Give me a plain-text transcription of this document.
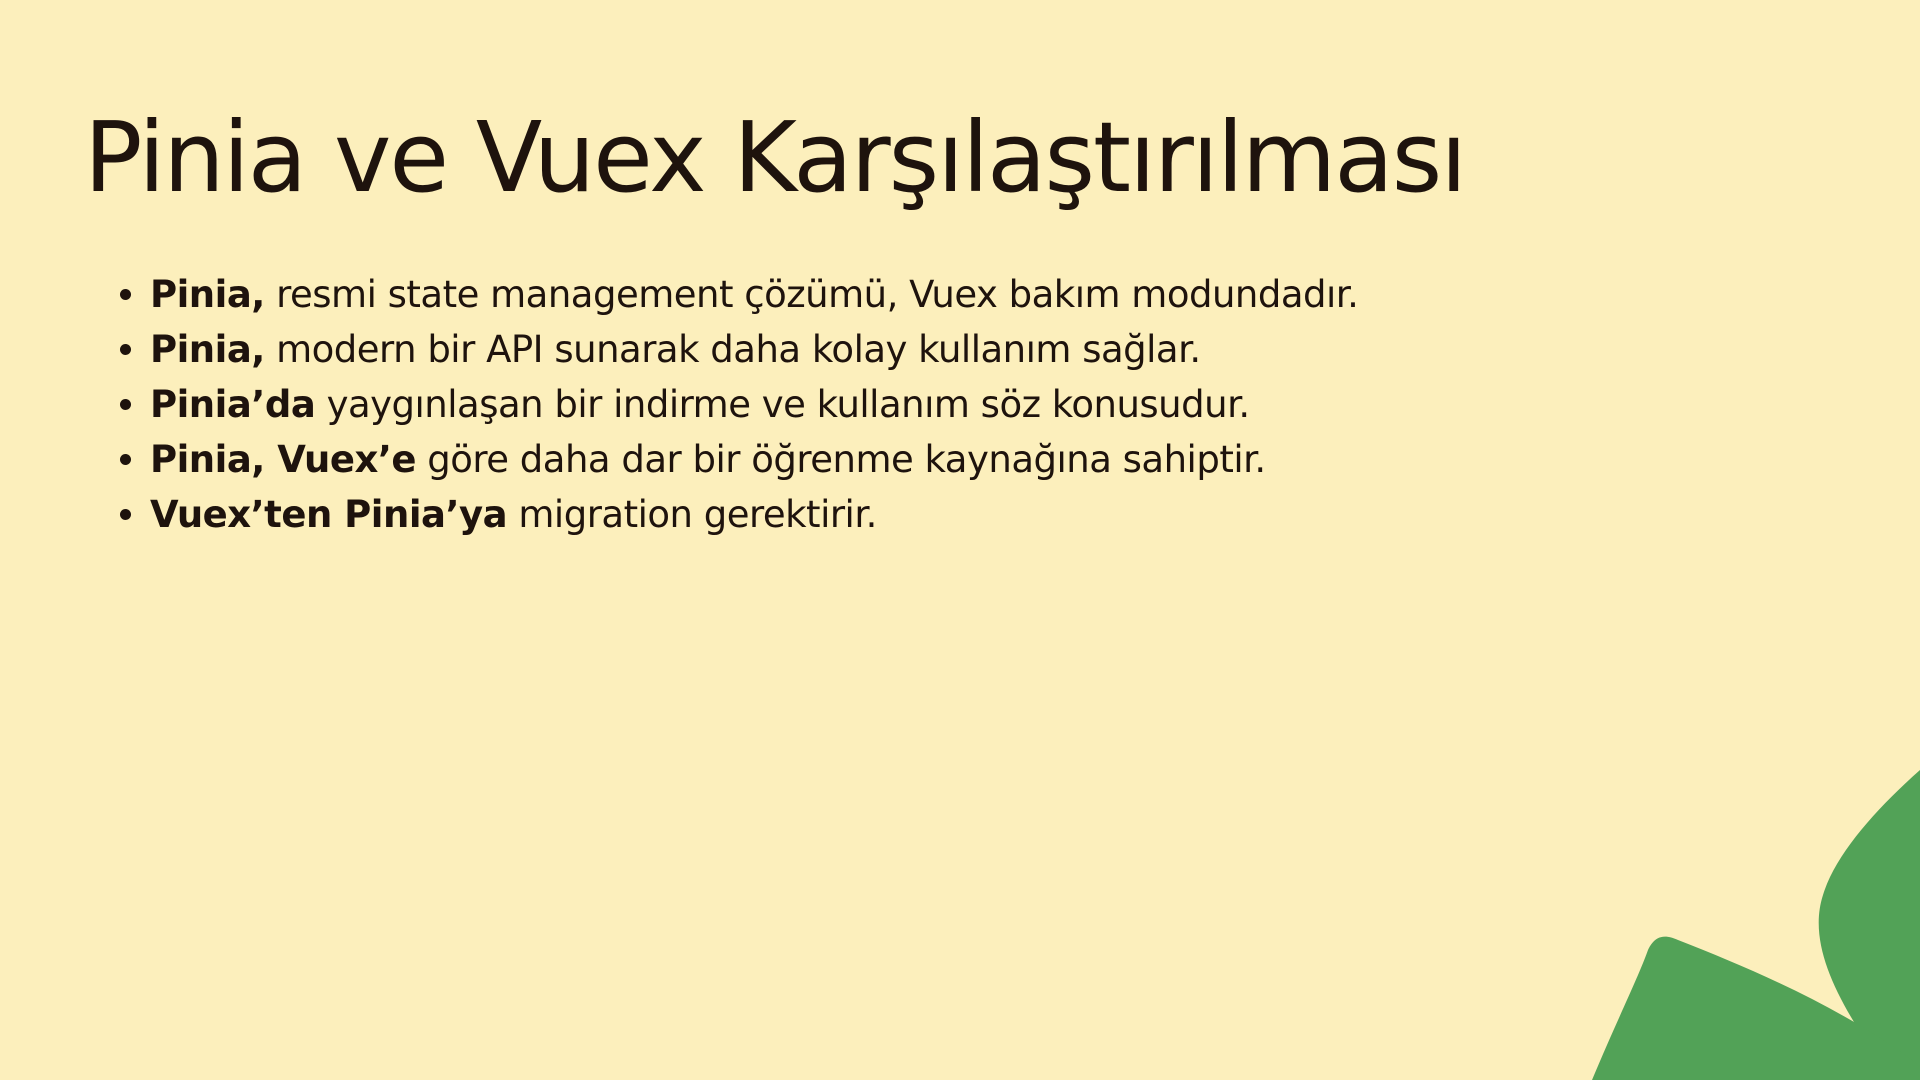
Pinia ve Vuex Karşılaştırılması
Pinia, resmi state management çözümü, Vuex bakım modundadır.
Pinia, modern bir API sunarak daha kolay kullanım sağlar.
Pinia’da yaygınlaşan bir indirme ve kullanım söz konusudur.
Pinia, Vuex’e göre daha dar bir öğrenme kaynağına sahiptir.
Vuex’ten Pinia’ya migration gerektirir.
